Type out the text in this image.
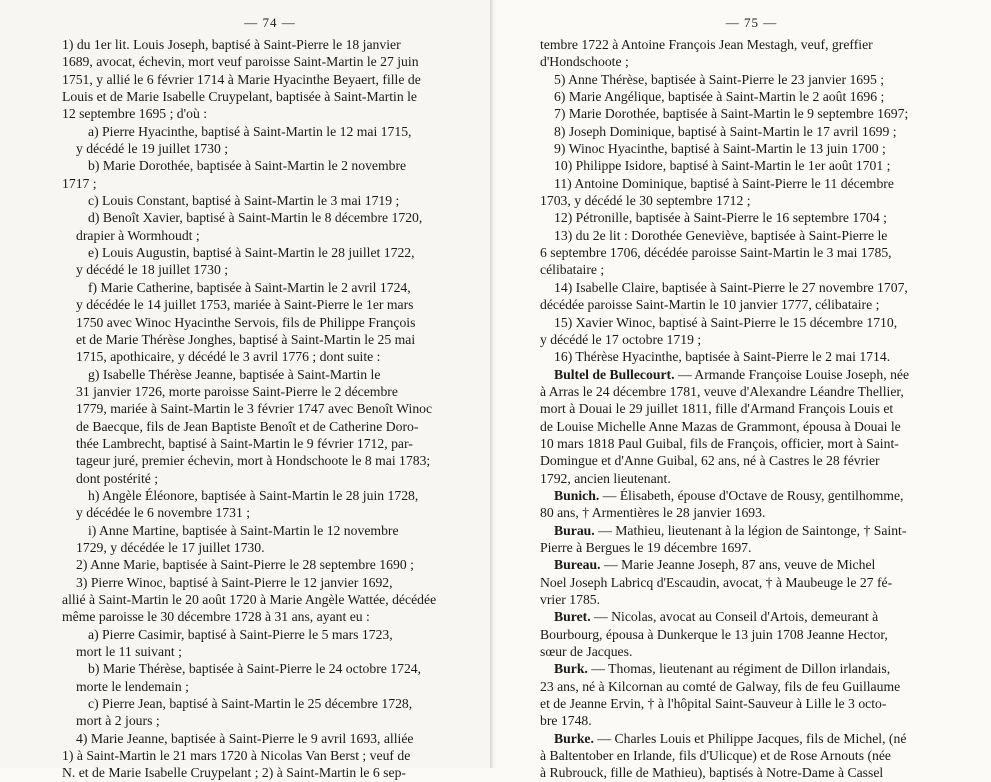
— 74 —
1) du 1er lit. Louis Joseph, baptisé à Saint-Pierre le 18 janvier
1689, avocat, échevin, mort veuf paroisse Saint-Martin le 27 juin
1751, y allié le 6 février 1714 à Marie Hyacinthe Beyaert, fille de
Louis et de Marie Isabelle Cruypelant, baptisée à Saint-Martin le
12 septembre 1695 ; d'où :
a) Pierre Hyacinthe, baptisé à Saint-Martin le 12 mai 1715,
y décédé le 19 juillet 1730 ;
b) Marie Dorothée, baptisée à Saint-Martin le 2 novembre
1717 ;
c) Louis Constant, baptisé à Saint-Martin le 3 mai 1719 ;
d) Benoît Xavier, baptisé à Saint-Martin le 8 décembre 1720,
drapier à Wormhoudt ;
e) Louis Augustin, baptisé à Saint-Martin le 28 juillet 1722,
y décédé le 18 juillet 1730 ;
f) Marie Catherine, baptisée à Saint-Martin le 2 avril 1724,
y décédée le 14 juillet 1753, mariée à Saint-Pierre le 1er mars
1750 avec Winoc Hyacinthe Servois, fils de Philippe François
et de Marie Thérèse Jonghes, baptisé à Saint-Martin le 25 mai
1715, apothicaire, y décédé le 3 avril 1776 ; dont suite :
g) Isabelle Thérèse Jeanne, baptisée à Saint-Martin le
31 janvier 1726, morte paroisse Saint-Pierre le 2 décembre
1779, mariée à Saint-Martin le 3 février 1747 avec Benoît Winoc
de Baecque, fils de Jean Baptiste Benoît et de Catherine Doro-
thée Lambrecht, baptisé à Saint-Martin le 9 février 1712, par-
tageur juré, premier échevin, mort à Hondschoote le 8 mai 1783;
dont postérité ;
h) Angèle Éléonore, baptisée à Saint-Martin le 28 juin 1728,
y décédée le 6 novembre 1731 ;
i) Anne Martine, baptisée à Saint-Martin le 12 novembre
1729, y décédée le 17 juillet 1730.
2) Anne Marie, baptisée à Saint-Pierre le 28 septembre 1690 ;
3) Pierre Winoc, baptisé à Saint-Pierre le 12 janvier 1692,
allié à Saint-Martin le 20 août 1720 à Marie Angèle Wattée, décédée
même paroisse le 30 décembre 1728 à 31 ans, ayant eu :
a) Pierre Casimir, baptisé à Saint-Pierre le 5 mars 1723,
mort le 11 suivant ;
b) Marie Thérèse, baptisée à Saint-Pierre le 24 octobre 1724,
morte le lendemain ;
c) Pierre Jean, baptisé à Saint-Martin le 25 décembre 1728,
mort à 2 jours ;
4) Marie Jeanne, baptisée à Saint-Pierre le 9 avril 1693, alliée
1) à Saint-Martin le 21 mars 1720 à Nicolas Van Berst ; veuf de
N. et de Marie Isabelle Cruypelant ; 2) à Saint-Martin le 6 sep-
— 75 —
tembre 1722 à Antoine François Jean Mestagh, veuf, greffier
d'Hondschoote ;
5) Anne Thérèse, baptisée à Saint-Pierre le 23 janvier 1695 ;
6) Marie Angélique, baptisée à Saint-Martin le 2 août 1696 ;
7) Marie Dorothée, baptisée à Saint-Martin le 9 septembre 1697;
8) Joseph Dominique, baptisé à Saint-Martin le 17 avril 1699 ;
9) Winoc Hyacinthe, baptisé à Saint-Martin le 13 juin 1700 ;
10) Philippe Isidore, baptisé à Saint-Martin le 1er août 1701 ;
11) Antoine Dominique, baptisé à Saint-Pierre le 11 décembre
1703, y décédé le 30 septembre 1712 ;
12) Pétronille, baptisée à Saint-Pierre le 16 septembre 1704 ;
13) du 2e lit : Dorothée Geneviève, baptisée à Saint-Pierre le
6 septembre 1706, décédée paroisse Saint-Martin le 3 mai 1785,
célibataire ;
14) Isabelle Claire, baptisée à Saint-Pierre le 27 novembre 1707,
décédée paroisse Saint-Martin le 10 janvier 1777, célibataire ;
15) Xavier Winoc, baptisé à Saint-Pierre le 15 décembre 1710,
y décédé le 17 octobre 1719 ;
16) Thérèse Hyacinthe, baptisée à Saint-Pierre le 2 mai 1714.
Bultel de Bullecourt. — Armande Françoise Louise Joseph, née
à Arras le 24 décembre 1781, veuve d'Alexandre Léandre Thellier,
mort à Douai le 29 juillet 1811, fille d'Armand François Louis et
de Louise Michelle Anne Mazas de Grammont, épousa à Douai le
10 mars 1818 Paul Guibal, fils de François, officier, mort à Saint-
Domingue et d'Anne Guibal, 62 ans, né à Castres le 28 février
1792, ancien lieutenant.
Bunich. — Élisabeth, épouse d'Octave de Rousy, gentilhomme,
80 ans, † Armentières le 28 janvier 1693.
Burau. — Mathieu, lieutenant à la légion de Saintonge, † Saint-
Pierre à Bergues le 19 décembre 1697.
Bureau. — Marie Jeanne Joseph, 87 ans, veuve de Michel
Noel Joseph Labricq d'Escaudin, avocat, † à Maubeuge le 27 fé-
vrier 1785.
Buret. — Nicolas, avocat au Conseil d'Artois, demeurant à
Bourbourg, épousa à Dunkerque le 13 juin 1708 Jeanne Hector,
sœur de Jacques.
Burk. — Thomas, lieutenant au régiment de Dillon irlandais,
23 ans, né à Kilcornan au comté de Galway, fils de feu Guillaume
et de Jeanne Ervin, † à l'hôpital Saint-Sauveur à Lille le 3 octo-
bre 1748.
Burke. — Charles Louis et Philippe Jacques, fils de Michel, (né
à Baltentober en Irlande, fils d'Ulicque) et de Rose Arnouts (née
à Rubrouck, fille de Mathieu), baptisés à Notre-Dame à Cassel
